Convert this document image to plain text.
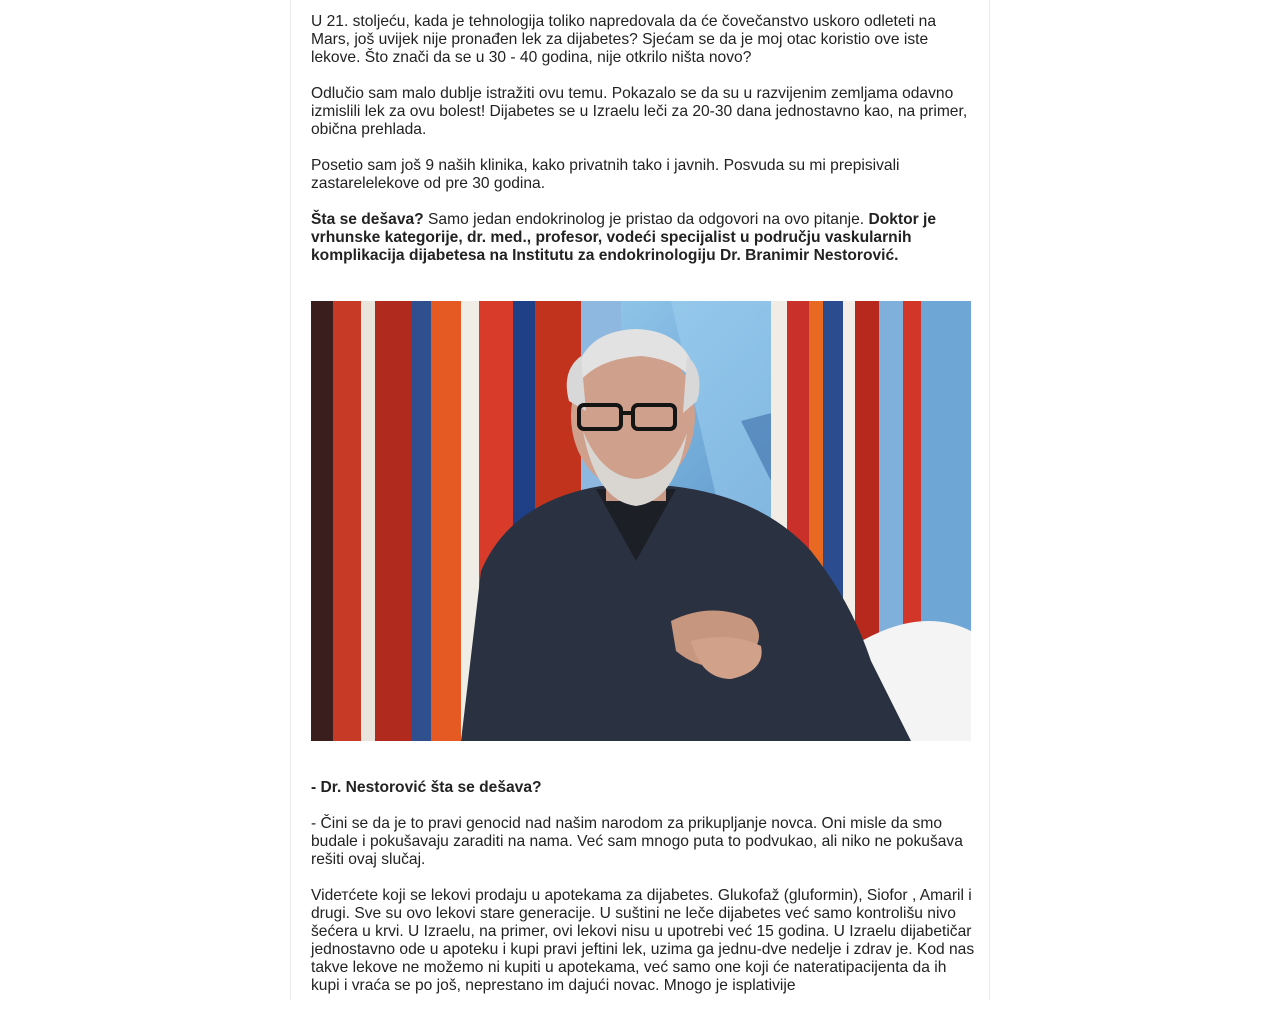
U 21. stoljeću, kada je tehnologija toliko napredovala da će čovečanstvo uskoro odleteti na Mars, još uvijek nije pronađen lek za dijabetes? Sjećam se da je moj otac koristio ove iste lekove. Što znači da se u 30 - 40 godina, nije otkrilo ništa novo?

Odlučio sam malo dublje istražiti ovu temu. Pokazalo se da su u razvijenim zemljama odavno izmislili lek za ovu bolest! Dijabetes se u Izraelu leči za 20-30 dana jednostavno kao, na primer, obična prehlada.

Posetio sam još 9 naših klinika, kako privatnih tako i javnih. Posvuda su mi prepisivali zastarelelekove od pre 30 godina.

Šta se dešava? Samo jedan endokrinolog je pristao da odgovori na ovo pitanje. Doktor je vrhunske kategorije, dr. med., profesor, vodeći specijalist u području vaskularnih komplikacija dijabetesa na Institutu za endokrinologiju Dr. Branimir Nestorović.

- Dr. Nestorović šta se dešava?

- Čini se da je to pravi genocid nad našim narodom za prikupljanje novca. Oni misle da smo budale i pokušavaju zaraditi na nama. Već sam mnogo puta to podvukao, ali niko ne pokušava rešiti ovaj slučaj.

Vidетćete koji se lekovi prodaju u apotekama za dijabetes. Glukofaž (gluformin), Siofor , Amaril i drugi. Sve su ovo lekovi stare generacije. U suštini ne leče dijabetes već samo kontrolišu nivo šećera u krvi. U Izraelu, na primer, ovi lekovi nisu u upotrebi već 15 godina. U Izraelu dijabetičar jednostavno ode u apoteku i kupi pravi jeftini lek, uzima ga jednu-dve nedelje i zdrav je. Kod nas takve lekove ne možemo ni kupiti u apotekama, već samo one koji će nateratipacijenta da ih kupi i vraća se po još, neprestano im dajući novac. Mnogo je isplativije
